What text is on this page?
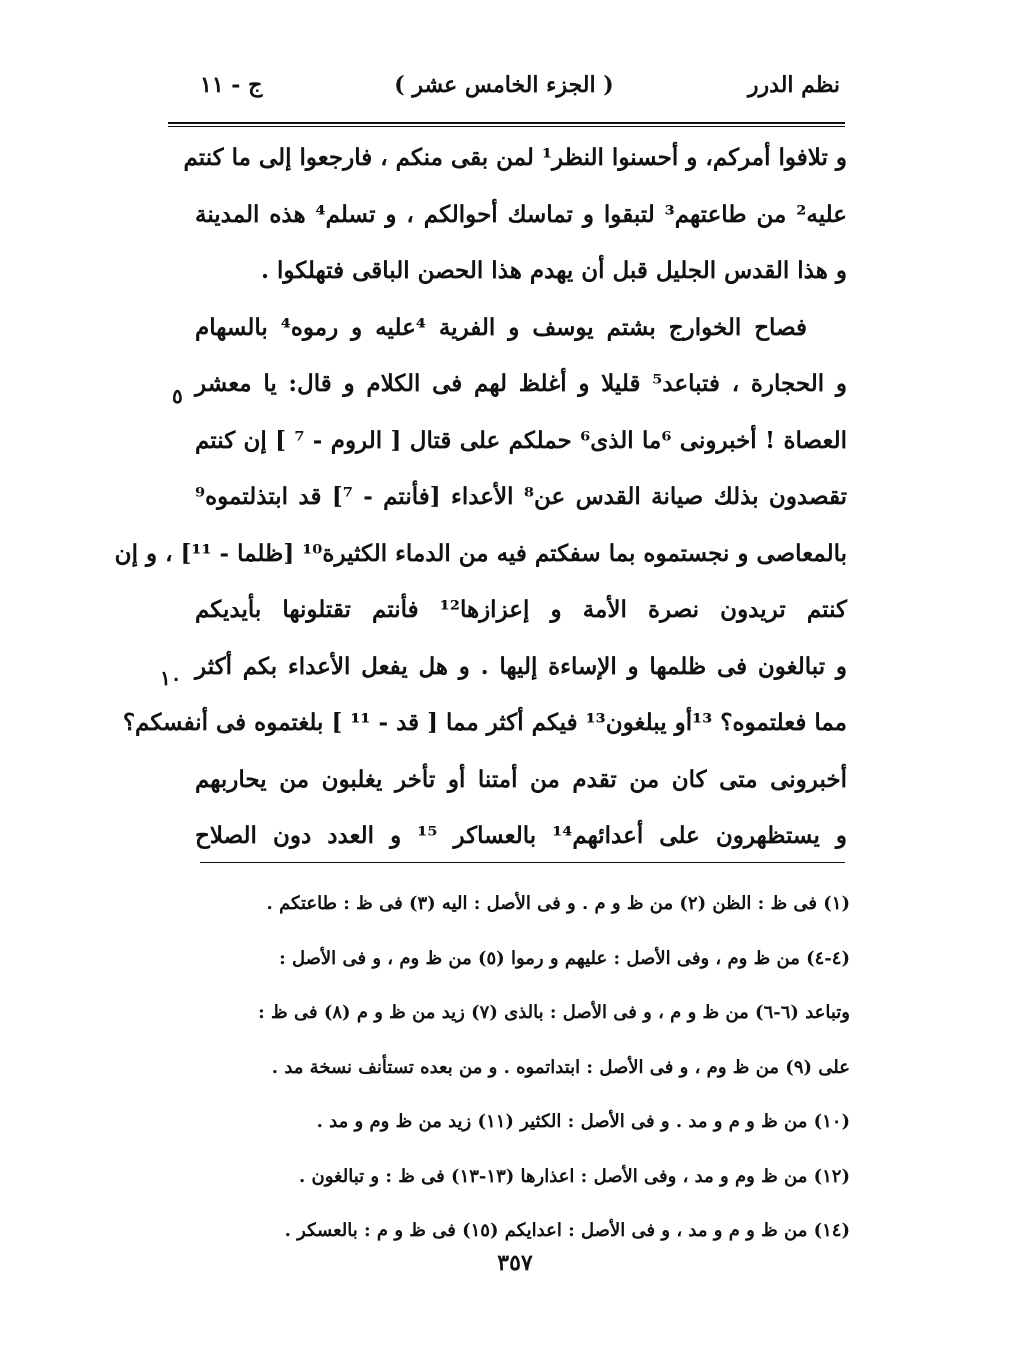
نظم الدرر
( الجزء الخامس عشر )
ج - ١١
و تلافوا أمركم، و أحسنوا النظر¹ لمن بقى منكم ، فارجعوا إلى ما كنتم
عليه² من طاعتهم³ لتبقوا و تماسك أحوالكم ، و تسلم⁴ هذه المدينة
و هذا القدس الجليل قبل أن يهدم هذا الحصن الباقى فتهلكوا .
فصاح الخوارج بشتم يوسف و الفرية ⁴عليه و رموه⁴ بالسهام
و الحجارة ، فتباعد⁵ قليلا و أغلظ لهم فى الكلام و قال: يا معشر
العصاة ! أخبرونى ⁶ما الذى⁶ حملكم على قتال [ الروم - ⁷ ] إن كنتم
تقصدون بذلك صيانة القدس عن⁸ الأعداء [فأنتم - ⁷] قد ابتذلتموه⁹
بالمعاصى و نجستموه بما سفكتم فيه من الدماء الكثيرة¹⁰ [ظلما - ¹¹] ، و إن
كنتم تريدون نصرة الأمة و إعزازها¹² فأنتم تقتلونها بأيديكم
و تبالغون فى ظلمها و الإساءة إليها . و هل يفعل الأعداء بكم أكثر
مما فعلتموه؟ ¹³أو يبلغون¹³ فيكم أكثر مما [ قد - ¹¹ ] بلغتموه فى أنفسكم؟
أخبرونى متى كان من تقدم من أمتنا أو تأخر يغلبون من يحاربهم
و يستظهرون على أعدائهم¹⁴ بالعساكر ¹⁵ و العدد دون الصلاح
٥
١٠
(١) فى ظ : الظن (٢) من ظ و م . و فى الأصل : اليه (٣) فى ظ : طاعتكم .
(٤-٤) من ظ وم ، وفى الأصل : عليهم و رموا (٥) من ظ وم ، و فى الأصل :
وتباعد (٦-٦) من ظ و م ، و فى الأصل : بالذى (٧) زيد من ظ و م (٨) فى ظ :
على (٩) من ظ وم ، و فى الأصل : ابتداتموه . و من بعده تستأنف نسخة مد .
(١٠) من ظ و م و مد . و فى الأصل : الكثير (١١) زيد من ظ وم و مد .
(١٢) من ظ وم و مد ، وفى الأصل : اعذارها (١٣-١٣) فى ظ : و تبالغون .
(١٤) من ظ و م و مد ، و فى الأصل : اعدايكم (١٥) فى ظ و م : بالعسكر .
٣٥٧
